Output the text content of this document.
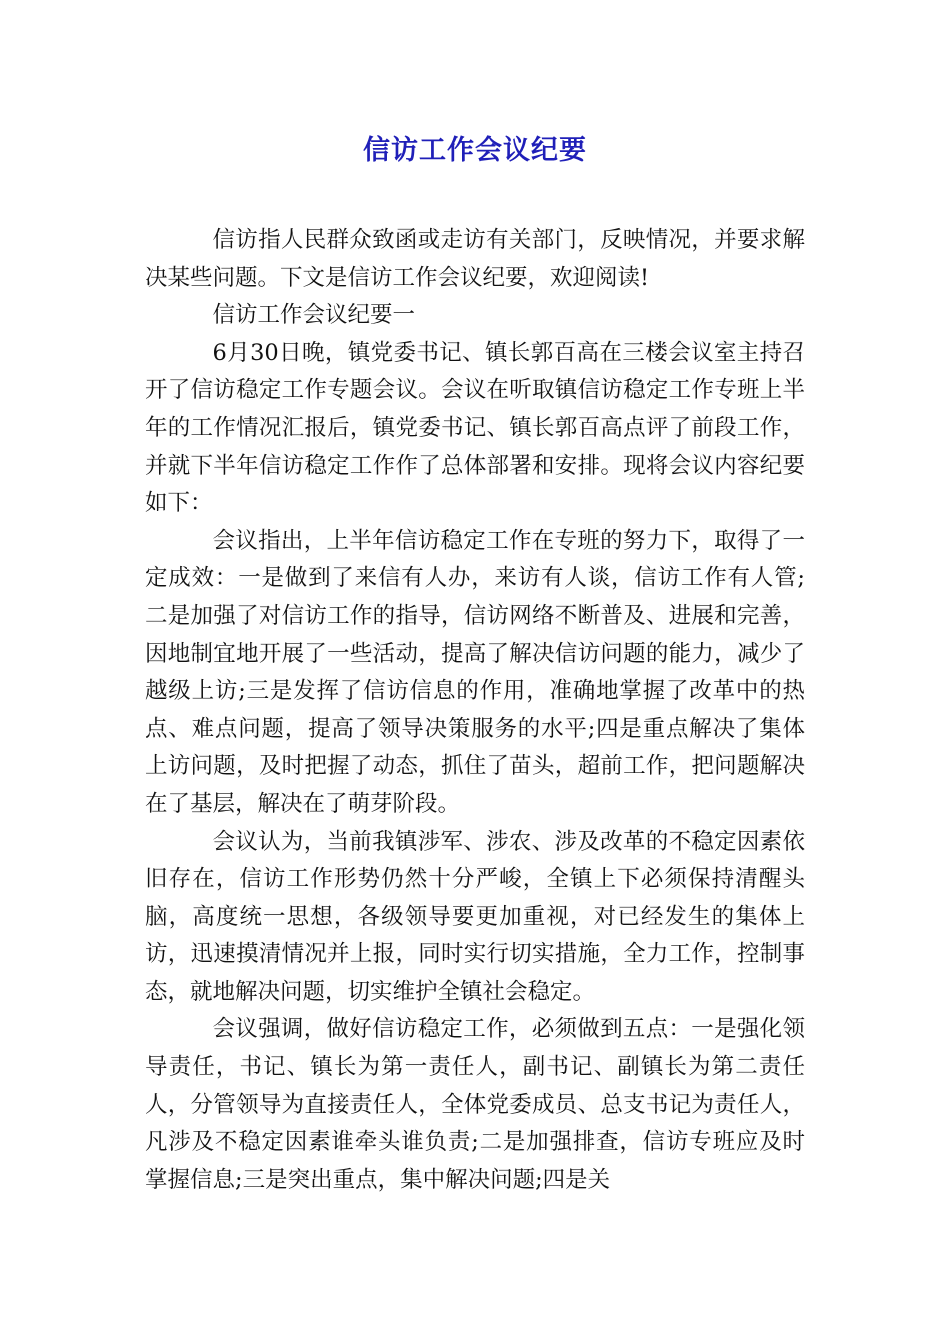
信访工作会议纪要

信访指人民群众致函或走访有关部门，反映情况，并要求解决某些问题。下文是信访工作会议纪要，欢迎阅读!

信访工作会议纪要一

6月30日晚，镇党委书记、镇长郭百高在三楼会议室主持召开了信访稳定工作专题会议。会议在听取镇信访稳定工作专班上半年的工作情况汇报后，镇党委书记、镇长郭百高点评了前段工作，并就下半年信访稳定工作作了总体部署和安排。现将会议内容纪要如下：

会议指出，上半年信访稳定工作在专班的努力下，取得了一定成效：一是做到了来信有人办，来访有人谈，信访工作有人管;二是加强了对信访工作的指导，信访网络不断普及、进展和完善，因地制宜地开展了一些活动，提高了解决信访问题的能力，减少了越级上访;三是发挥了信访信息的作用，准确地掌握了改革中的热点、难点问题，提高了领导决策服务的水平;四是重点解决了集体上访问题，及时把握了动态，抓住了苗头，超前工作，把问题解决在了基层，解决在了萌芽阶段。

会议认为，当前我镇涉军、涉农、涉及改革的不稳定因素依旧存在，信访工作形势仍然十分严峻，全镇上下必须保持清醒头脑，高度统一思想，各级领导要更加重视，对已经发生的集体上访，迅速摸清情况并上报，同时实行切实措施，全力工作，控制事态，就地解决问题，切实维护全镇社会稳定。

会议强调，做好信访稳定工作，必须做到五点：一是强化领导责任，书记、镇长为第一责任人，副书记、副镇长为第二责任人，分管领导为直接责任人，全体党委成员、总支书记为责任人，凡涉及不稳定因素谁牵头谁负责;二是加强排查，信访专班应及时掌握信息;三是突出重点，集中解决问题;四是关
